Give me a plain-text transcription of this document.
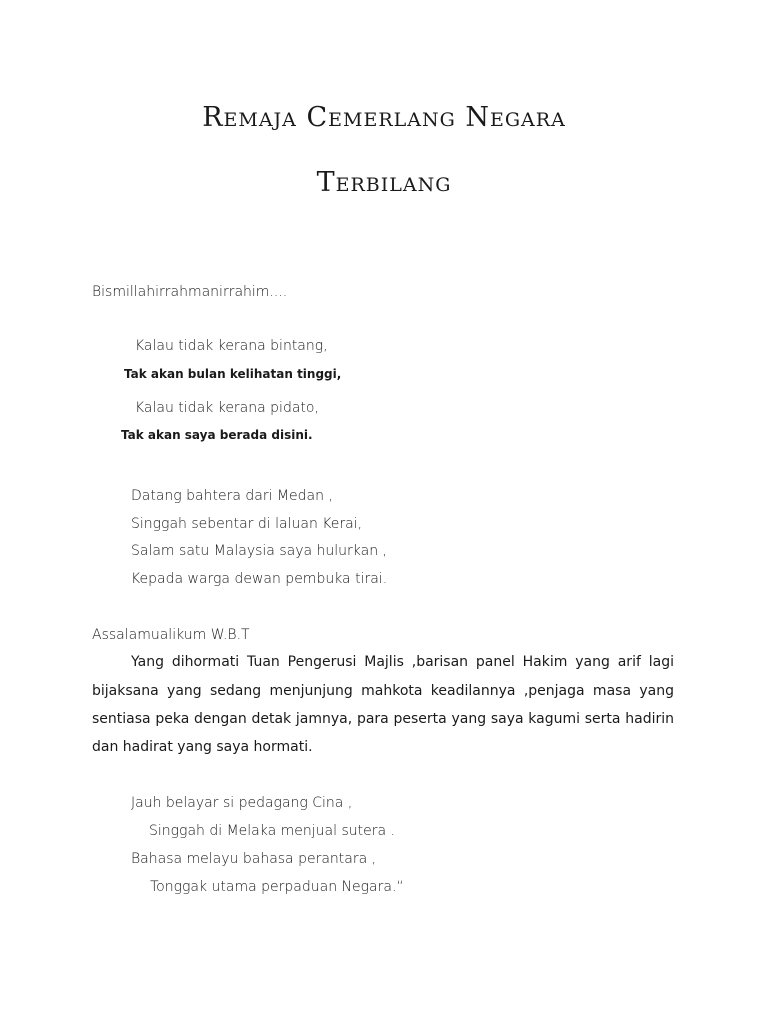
Remaja Cemerlang Negara
Terbilang
Bismillahirrahmanirrahim....
Kalau tidak kerana bintang,
Tak akan bulan kelihatan tinggi,
Kalau tidak kerana pidato,
Tak akan saya berada disini.
Datang bahtera dari Medan ,
Singgah sebentar di laluan Kerai,
Salam satu Malaysia saya hulurkan ,
Kepada warga dewan pembuka tirai.
Assalamualikum W.B.T
Yang dihormati Tuan Pengerusi Majlis ,barisan panel Hakim yang arif lagi
bijaksana yang sedang menjunjung mahkota keadilannya ,penjaga masa yang
sentiasa peka dengan detak jamnya, para peserta yang saya kagumi serta hadirin
dan hadirat yang saya hormati.
Jauh belayar si pedagang Cina ,
Singgah di Melaka menjual sutera .
Bahasa melayu bahasa perantara ,
Tonggak utama perpaduan Negara.“
